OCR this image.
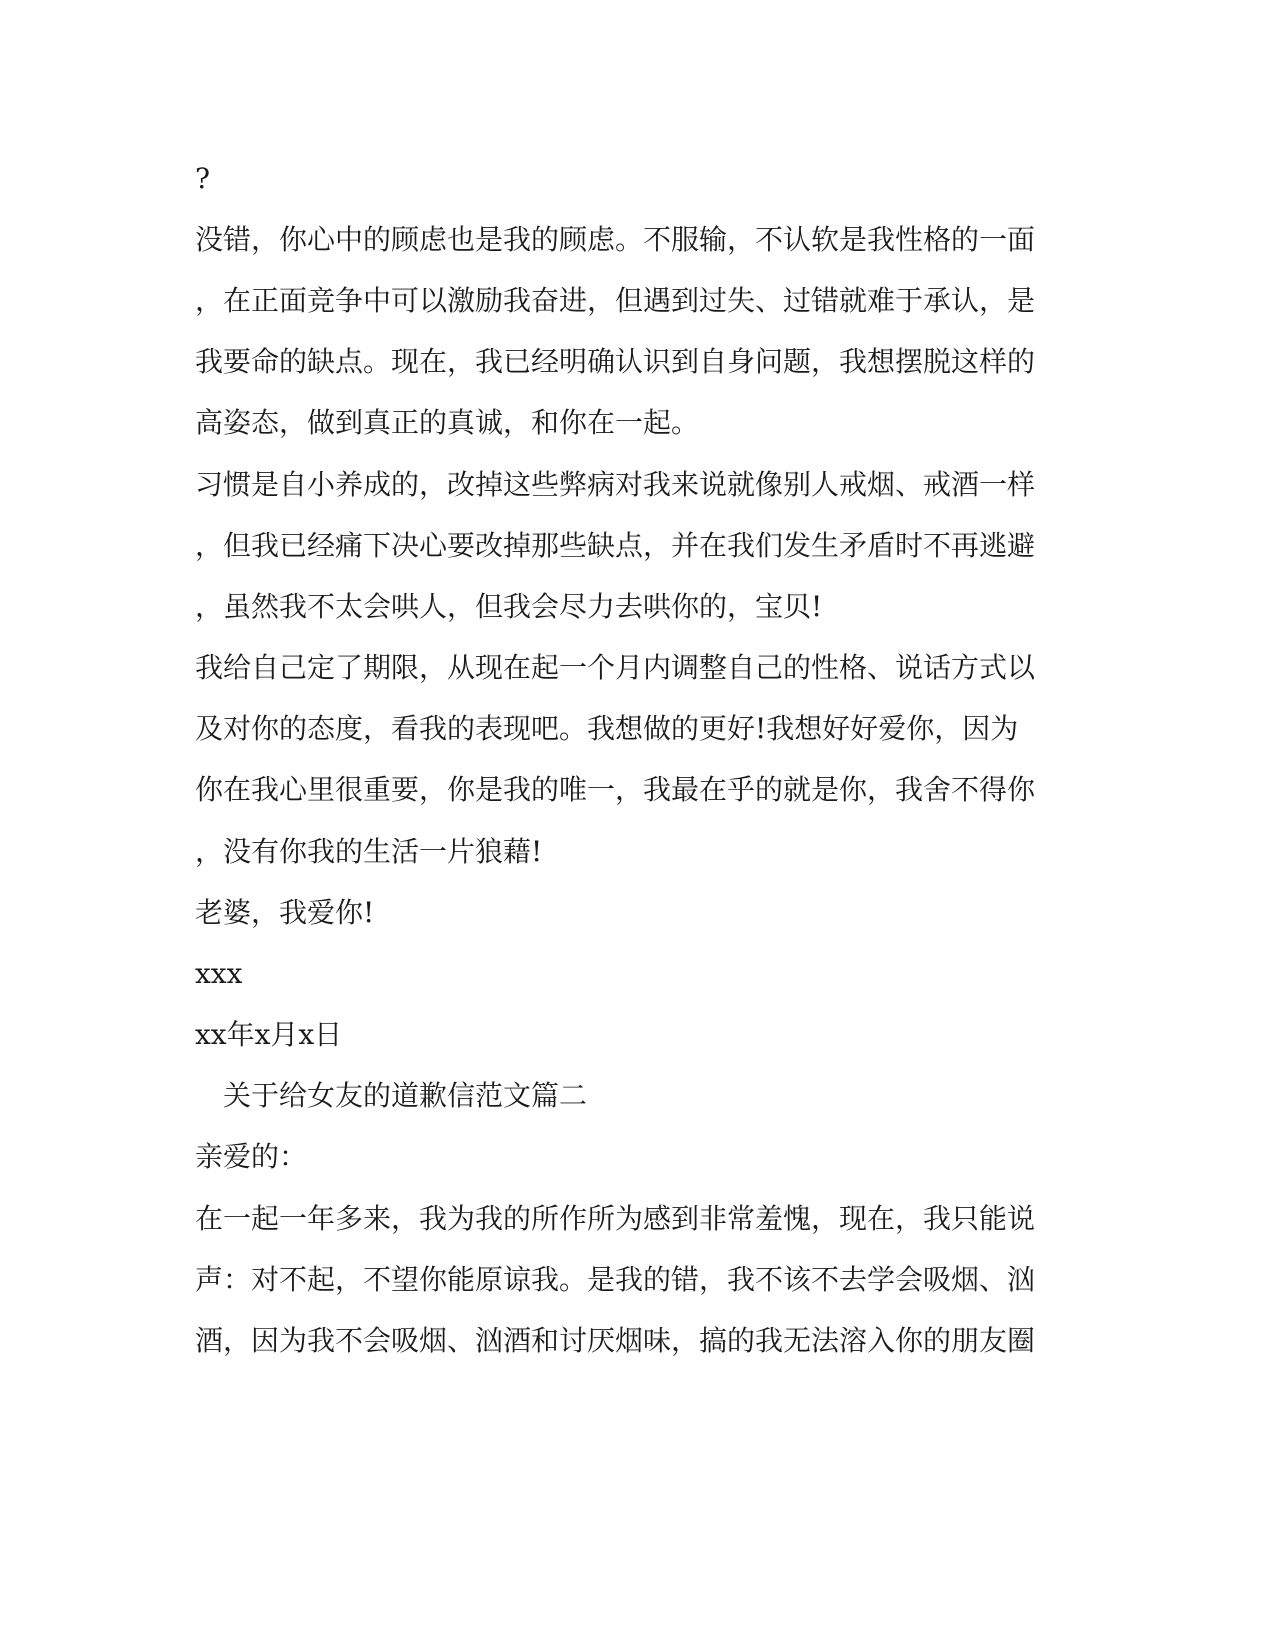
?
没错，你心中的顾虑也是我的顾虑。不服输，不认软是我性格的一面
，在正面竞争中可以激励我奋进，但遇到过失、过错就难于承认，是
我要命的缺点。现在，我已经明确认识到自身问题，我想摆脱这样的
高姿态，做到真正的真诚，和你在一起。
习惯是自小养成的，改掉这些弊病对我来说就像别人戒烟、戒酒一样
，但我已经痛下决心要改掉那些缺点，并在我们发生矛盾时不再逃避
，虽然我不太会哄人，但我会尽力去哄你的，宝贝!
我给自己定了期限，从现在起一个月内调整自己的性格、说话方式以
及对你的态度，看我的表现吧。我想做的更好!我想好好爱你，因为
你在我心里很重要，你是我的唯一，我最在乎的就是你，我舍不得你
，没有你我的生活一片狼藉!
老婆，我爱你!
xxx
xx年x月x日
　关于给女友的道歉信范文篇二
亲爱的：
在一起一年多来，我为我的所作所为感到非常羞愧，现在，我只能说
声：对不起，不望你能原谅我。是我的错，我不该不去学会吸烟、汹
酒，因为我不会吸烟、汹酒和讨厌烟味，搞的我无法溶入你的朋友圈
